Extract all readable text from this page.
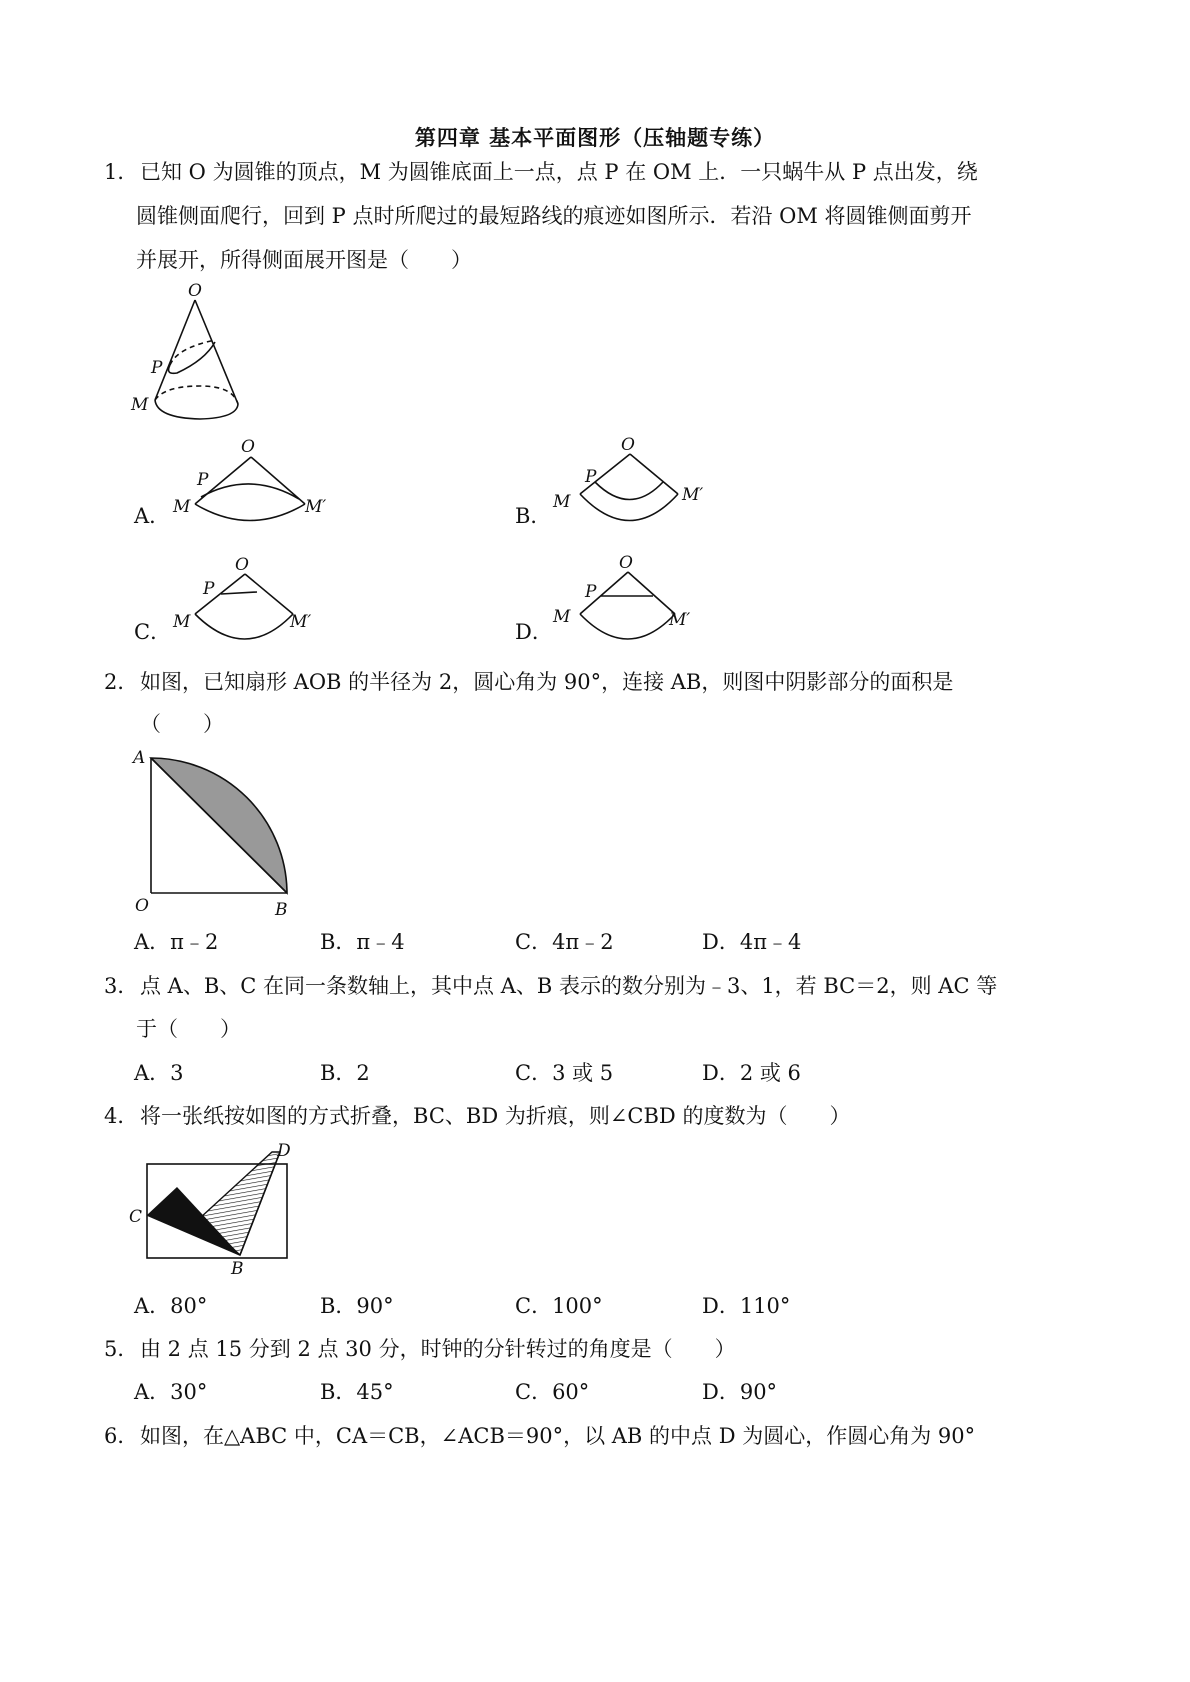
第四章 基本平面图形（压轴题专练）
1． 已知 O 为圆锥的顶点，M 为圆锥底面上一点，点 P 在 OM 上．一只蜗牛从 P 点出发，绕
圆锥侧面爬行，回到 P 点时所爬过的最短路线的痕迹如图所示．若沿 OM 将圆锥侧面剪开
并展开，所得侧面展开图是（　　）
O
P
M
A．
O
P
M	M′	B．
O
P
M	M′
C．
O
P
M	M′	D．
O
P
M	M′
2． 如图，已知扇形 AOB 的半径为 2，圆心角为 90°，连接 AB，则图中阴影部分的面积是
（　　）
A
O	B
A．π﹣2	B．π﹣4	C．4π﹣2	D．4π﹣4
3． 点 A、B、C 在同一条数轴上，其中点 A、B 表示的数分别为﹣3、1，若 BC＝2，则 AC 等
于（　　）
A．3	B．2	C．3 或 5	D．2 或 6
4． 将一张纸按如图的方式折叠，BC、BD 为折痕，则∠CBD 的度数为（　　）
C
D
B
A．80°	B．90°	C．100°	D．110°
5． 由 2 点 15 分到 2 点 30 分，时钟的分针转过的角度是（　　）
A．30°	B．45°	C．60°	D．90°
6． 如图，在△ABC 中，CA＝CB，∠ACB＝90°，以 AB 的中点 D 为圆心，作圆心角为 90°
